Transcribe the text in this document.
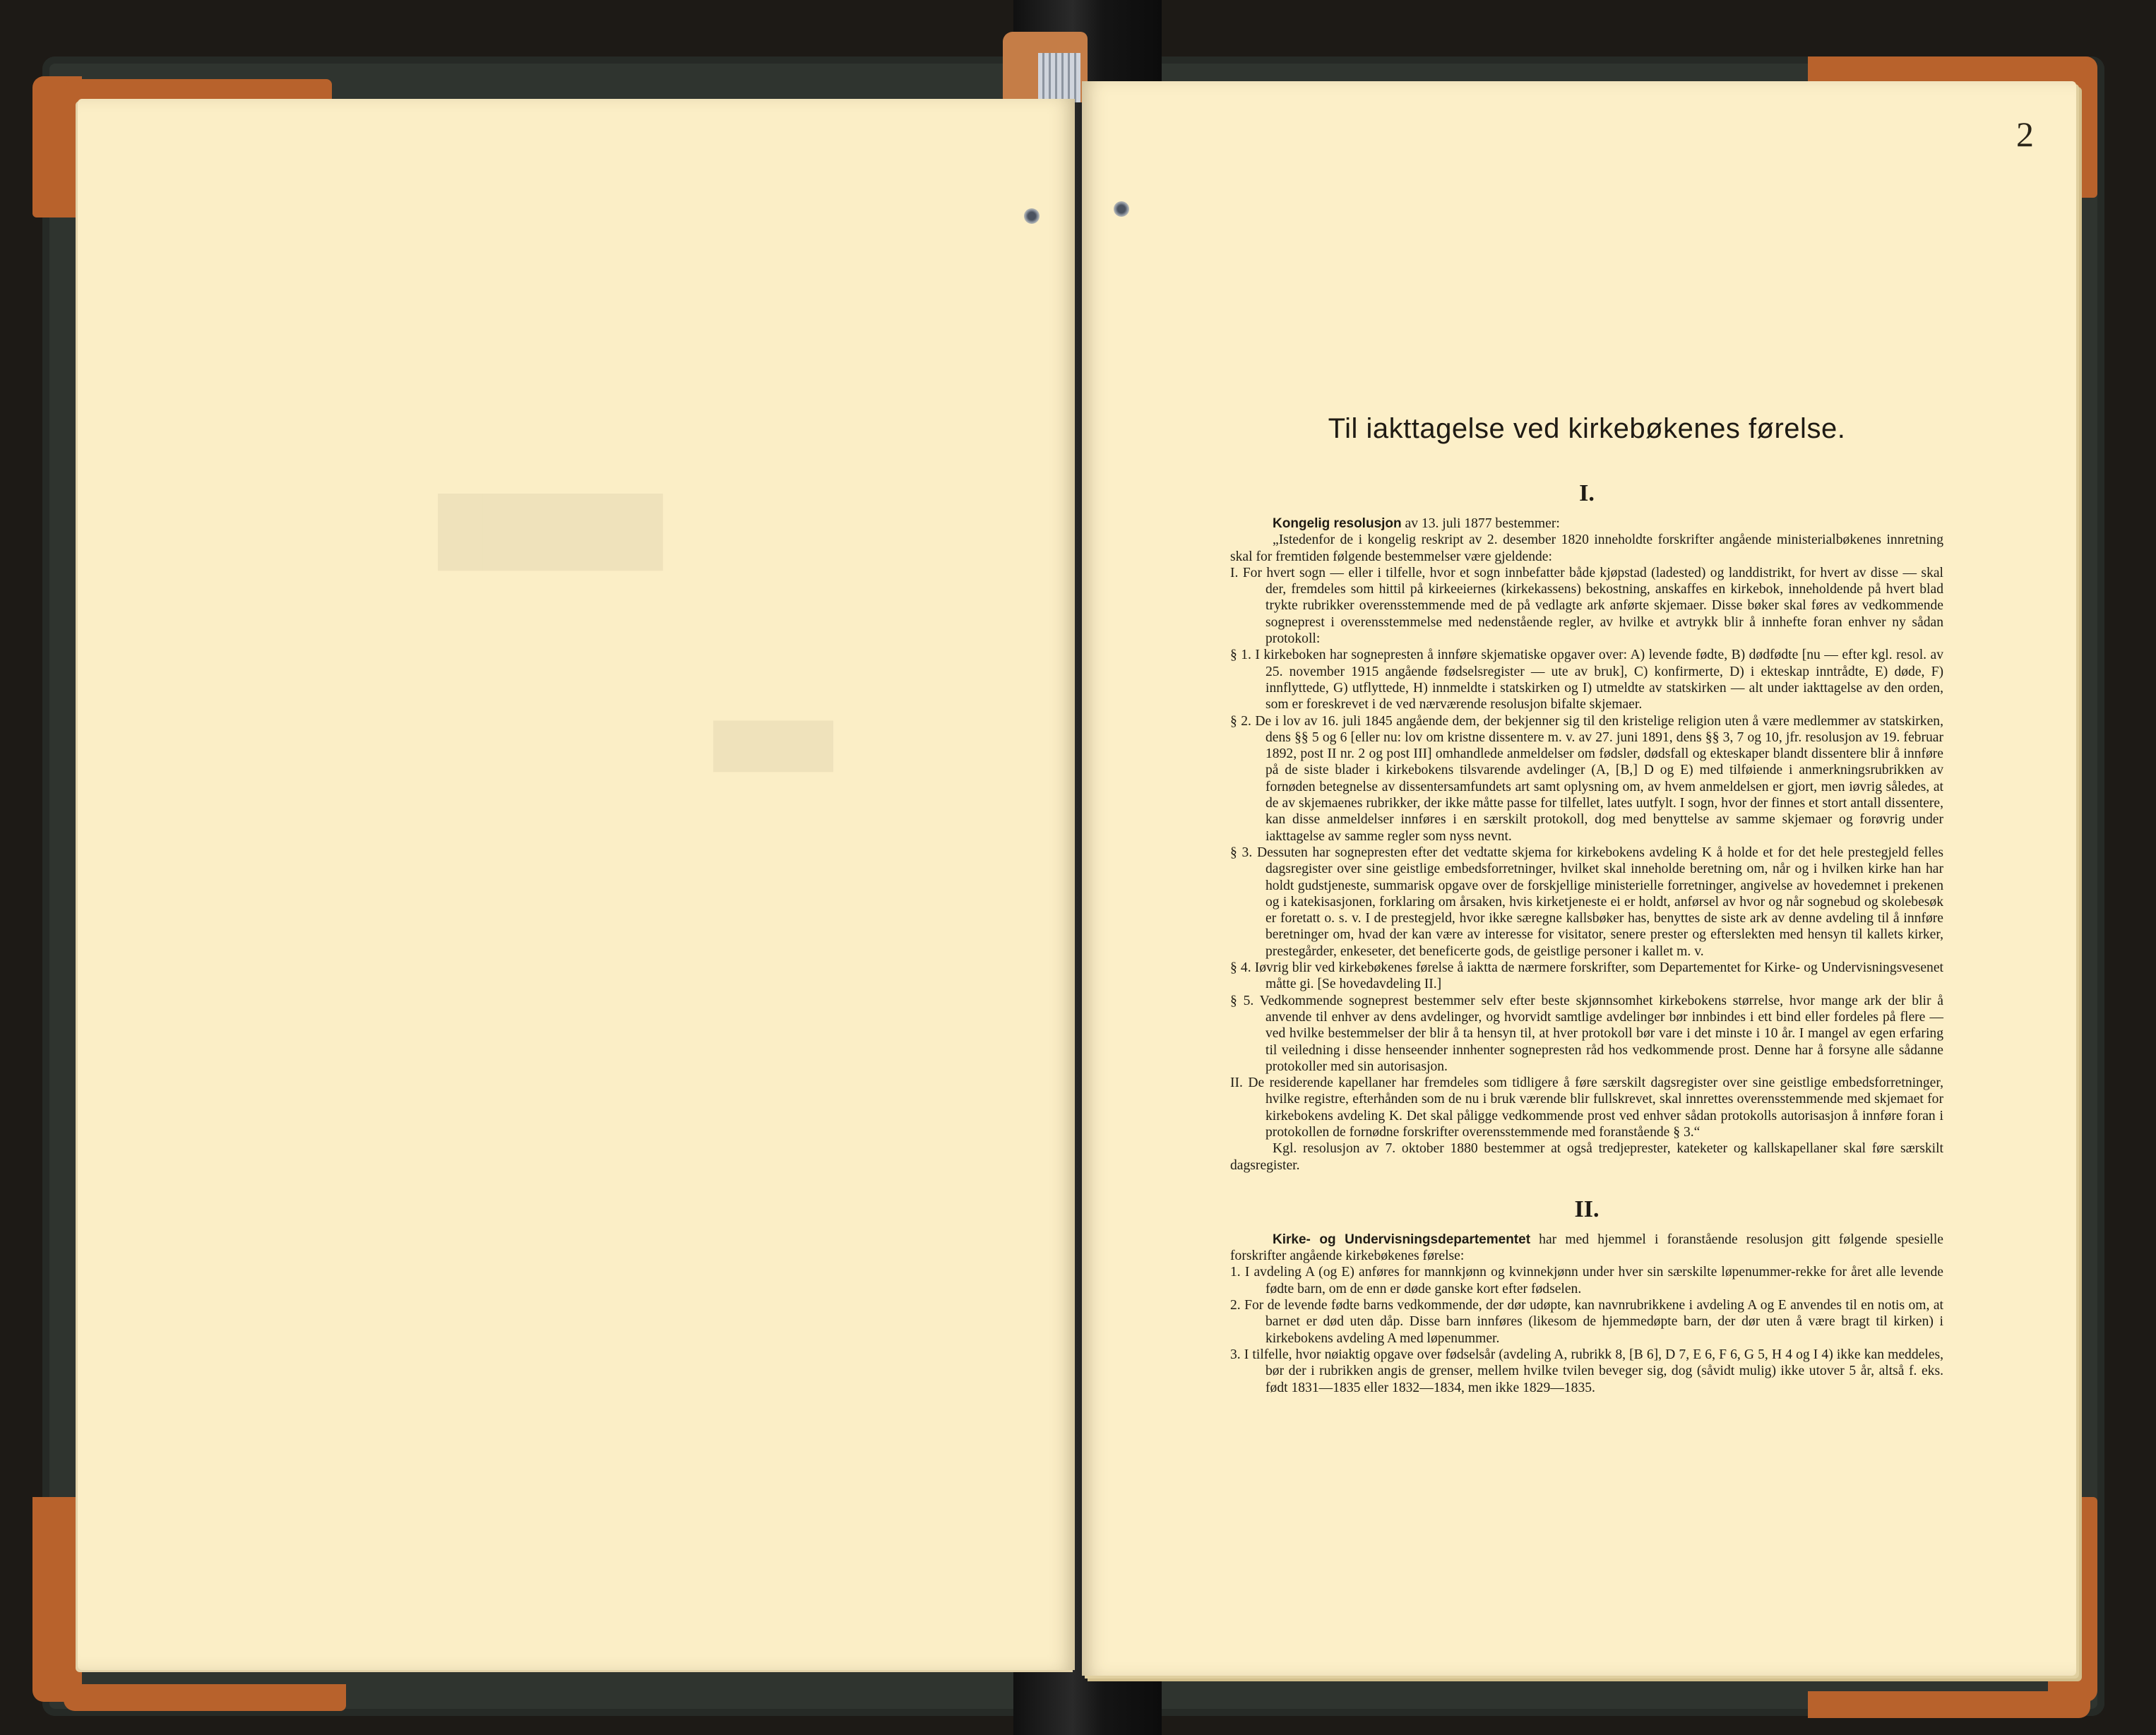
█████
████
2
Til iakttagelse ved kirkebøkenes førelse.
I.

Kongelig resolusjon av 13. juli 1877 bestemmer:

„Istedenfor de i kongelig reskript av 2. desember 1820 inneholdte forskrifter angående ministerialbøkenes innretning skal for fremtiden følgende bestemmelser være gjeldende:

I. For hvert sogn — eller i tilfelle, hvor et sogn innbefatter både kjøpstad (ladested) og landdistrikt, for hvert av disse — skal der, fremdeles som hittil på kirkeeiernes (kirkekassens) bekostning, anskaffes en kirkebok, inneholdende på hvert blad trykte rubrikker overensstemmende med de på vedlagte ark anførte skjemaer. Disse bøker skal føres av vedkommende sogneprest i overensstemmelse med nedenstående regler, av hvilke et avtrykk blir å innhefte foran enhver ny sådan protokoll:

§ 1. I kirkeboken har sognepresten å innføre skjematiske opgaver over: A) levende fødte, B) dødfødte [nu — efter kgl. resol. av 25. november 1915 angående fødselsregister — ute av bruk], C) konfirmerte, D) i ekteskap inntrådte, E) døde, F) innflyttede, G) utflyttede, H) innmeldte i statskirken og I) utmeldte av statskirken — alt under iakttagelse av den orden, som er foreskrevet i de ved nærværende resolusjon bifalte skjemaer.

§ 2. De i lov av 16. juli 1845 angående dem, der bekjenner sig til den kristelige religion uten å være medlemmer av statskirken, dens §§ 5 og 6 [eller nu: lov om kristne dissentere m. v. av 27. juni 1891, dens §§ 3, 7 og 10, jfr. resolusjon av 19. februar 1892, post II nr. 2 og post III] omhandlede anmeldelser om fødsler, dødsfall og ekteskaper blandt dissentere blir å innføre på de siste blader i kirkebokens tilsvarende avdelinger (A, [B,] D og E) med tilføiende i anmerkningsrubrikken av fornøden betegnelse av dissentersamfundets art samt oplysning om, av hvem anmeldelsen er gjort, men iøvrig således, at de av skjemaenes rubrikker, der ikke måtte passe for tilfellet, lates uutfylt. I sogn, hvor der finnes et stort antall dissentere, kan disse anmeldelser innføres i en særskilt protokoll, dog med benyttelse av samme skjemaer og forøvrig under iakttagelse av samme regler som nyss nevnt.

§ 3. Dessuten har sognepresten efter det vedtatte skjema for kirkebokens avdeling K å holde et for det hele prestegjeld felles dagsregister over sine geistlige embedsforretninger, hvilket skal inneholde beretning om, når og i hvilken kirke han har holdt gudstjeneste, summarisk opgave over de forskjellige ministerielle forretninger, angivelse av hovedemnet i prekenen og i katekisasjonen, forklaring om årsaken, hvis kirketjeneste ei er holdt, anførsel av hvor og når sognebud og skolebesøk er foretatt o. s. v. I de prestegjeld, hvor ikke særegne kallsbøker has, benyttes de siste ark av denne avdeling til å innføre beretninger om, hvad der kan være av interesse for visitator, senere prester og efterslekten med hensyn til kallets kirker, prestegårder, enkeseter, det beneficerte gods, de geistlige personer i kallet m. v.

§ 4. Iøvrig blir ved kirkebøkenes førelse å iaktta de nærmere forskrifter, som Departementet for Kirke- og Undervisningsvesenet måtte gi. [Se hovedavdeling II.]

§ 5. Vedkommende sogneprest bestemmer selv efter beste skjønnsomhet kirkebokens størrelse, hvor mange ark der blir å anvende til enhver av dens avdelinger, og hvorvidt samtlige avdelinger bør innbindes i ett bind eller fordeles på flere — ved hvilke bestemmelser der blir å ta hensyn til, at hver protokoll bør vare i det minste i 10 år. I mangel av egen erfaring til veiledning i disse henseender innhenter sognepresten råd hos vedkommende prost. Denne har å forsyne alle sådanne protokoller med sin autorisasjon.

II. De residerende kapellaner har fremdeles som tidligere å føre særskilt dagsregister over sine geistlige embedsforretninger, hvilke registre, efterhånden som de nu i bruk værende blir fullskrevet, skal innrettes overensstemmende med skjemaet for kirkebokens avdeling K. Det skal påligge vedkommende prost ved enhver sådan protokolls autorisasjon å innføre foran i protokollen de fornødne forskrifter overensstemmende med foranstående § 3.“

Kgl. resolusjon av 7. oktober 1880 bestemmer at også tredjeprester, kateketer og kallskapellaner skal føre særskilt dagsregister.

II.

Kirke- og Undervisningsdepartementet har med hjemmel i foranstående resolusjon gitt følgende spesielle forskrifter angående kirkebøkenes førelse:

1. I avdeling A (og E) anføres for mannkjønn og kvinnekjønn under hver sin særskilte løpenummer-rekke for året alle levende fødte barn, om de enn er døde ganske kort efter fødselen.

2. For de levende fødte barns vedkommende, der dør udøpte, kan navnrubrikkene i avdeling A og E anvendes til en notis om, at barnet er død uten dåp. Disse barn innføres (likesom de hjemmedøpte barn, der dør uten å være bragt til kirken) i kirkebokens avdeling A med løpenummer.

3. I tilfelle, hvor nøiaktig opgave over fødselsår (avdeling A, rubrikk 8, [B 6], D 7, E 6, F 6, G 5, H 4 og I 4) ikke kan meddeles, bør der i rubrikken angis de grenser, mellem hvilke tvilen beveger sig, dog (såvidt mulig) ikke utover 5 år, altså f. eks. født 1831—1835 eller 1832—1834, men ikke 1829—1835.
